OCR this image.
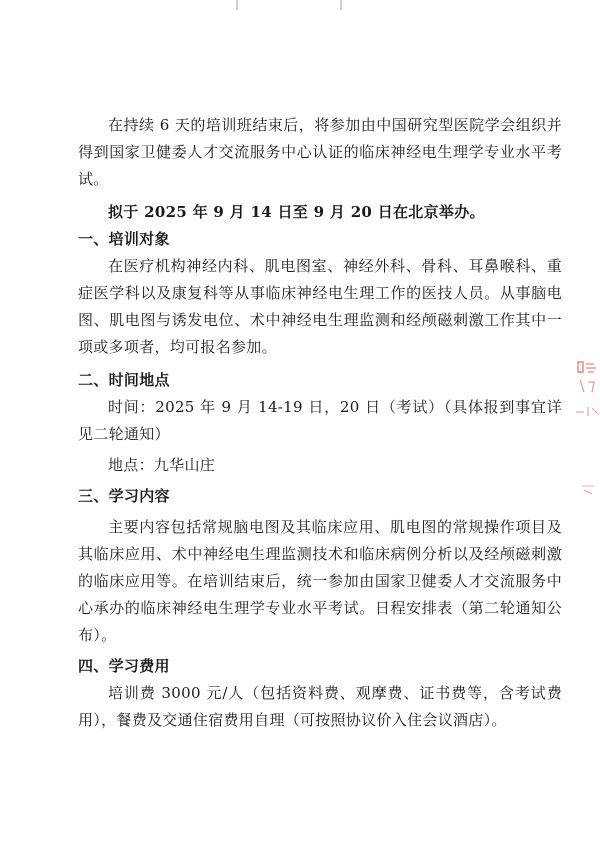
在持续 6 天的培训班结束后，将参加由中国研究型医院学会组织并得到国家卫健委人才交流服务中心认证的临床神经电生理学专业水平考试。

拟于 2025 年 9 月 14 日至 9 月 20 日在北京举办。

一、培训对象

在医疗机构神经内科、肌电图室、神经外科、骨科、耳鼻喉科、重症医学科以及康复科等从事临床神经电生理工作的医技人员。从事脑电图、肌电图与诱发电位、术中神经电生理监测和经颅磁刺激工作其中一项或多项者，均可报名参加。

二、时间地点

时间：2025 年 9 月 14-19 日，20 日（考试）（具体报到事宜详见二轮通知）

地点：九华山庄

三、学习内容

主要内容包括常规脑电图及其临床应用、肌电图的常规操作项目及其临床应用、术中神经电生理监测技术和临床病例分析以及经颅磁刺激的临床应用等。在培训结束后，统一参加由国家卫健委人才交流服务中心承办的临床神经电生理学专业水平考试。日程安排表（第二轮通知公布）。

四、学习费用

培训费 3000 元/人（包括资料费、观摩费、证书费等，含考试费用），餐费及交通住宿费用自理（可按照协议价入住会议酒店）。
